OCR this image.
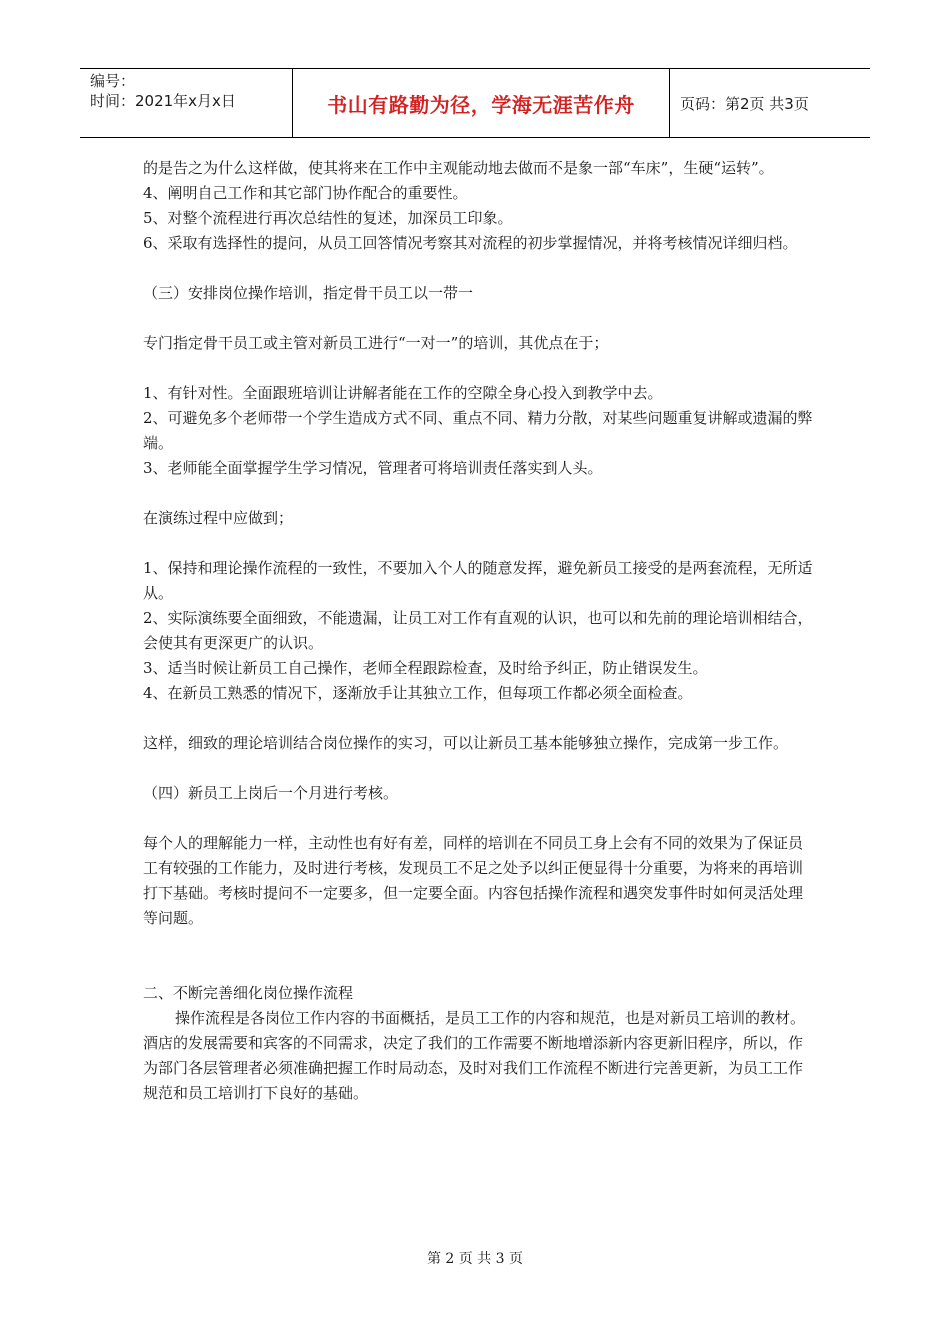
编号：
时间：2021年x月x日	书山有路勤为径，学海无涯苦作舟	页码：第2页 共3页

的是告之为什么这样做，使其将来在工作中主观能动地去做而不是象一部“车床”，生硬“运转”。

4、阐明自己工作和其它部门协作配合的重要性。

5、对整个流程进行再次总结性的复述，加深员工印象。

6、采取有选择性的提问，从员工回答情况考察其对流程的初步掌握情况，并将考核情况详细归档。

（三）安排岗位操作培训，指定骨干员工以一带一

专门指定骨干员工或主管对新员工进行“一对一”的培训，其优点在于；

1、有针对性。全面跟班培训让讲解者能在工作的空隙全身心投入到教学中去。

2、可避免多个老师带一个学生造成方式不同、重点不同、精力分散，对某些问题重复讲解或遗漏的弊端。

3、老师能全面掌握学生学习情况，管理者可将培训责任落实到人头。

在演练过程中应做到；

1、保持和理论操作流程的一致性，不要加入个人的随意发挥，避免新员工接受的是两套流程，无所适从。

2、实际演练要全面细致，不能遗漏，让员工对工作有直观的认识，也可以和先前的理论培训相结合，会使其有更深更广的认识。

3、适当时候让新员工自己操作，老师全程跟踪检查，及时给予纠正，防止错误发生。

4、在新员工熟悉的情况下，逐渐放手让其独立工作，但每项工作都必须全面检查。

这样，细致的理论培训结合岗位操作的实习，可以让新员工基本能够独立操作，完成第一步工作。

（四）新员工上岗后一个月进行考核。

每个人的理解能力一样，主动性也有好有差，同样的培训在不同员工身上会有不同的效果为了保证员工有较强的工作能力，及时进行考核，发现员工不足之处予以纠正便显得十分重要，为将来的再培训打下基础。考核时提问不一定要多，但一定要全面。内容包括操作流程和遇突发事件时如何灵活处理等问题。

二、不断完善细化岗位操作流程

操作流程是各岗位工作内容的书面概括，是员工工作的内容和规范，也是对新员工培训的教材。酒店的发展需要和宾客的不同需求，决定了我们的工作需要不断地增添新内容更新旧程序，所以，作为部门各层管理者必须准确把握工作时局动态，及时对我们工作流程不断进行完善更新，为员工工作规范和员工培训打下良好的基础。

第 2 页 共 3 页
